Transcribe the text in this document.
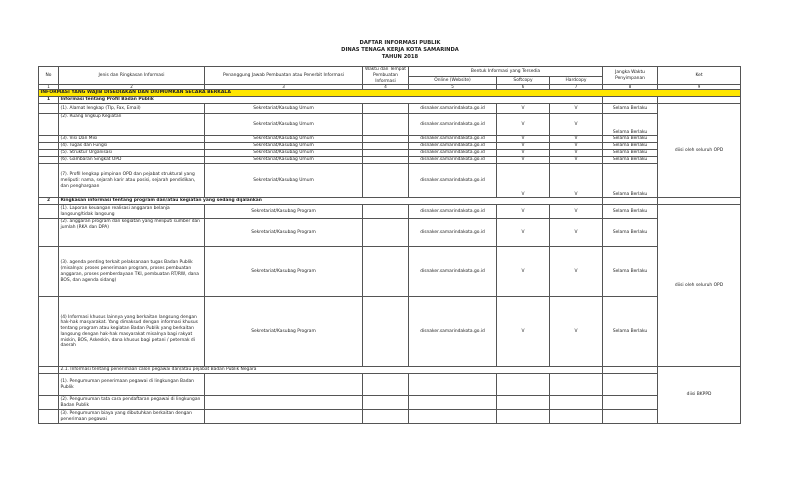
DAFTAR INFORMASI PUBLIK
DINAS TENAGA KERJA KOTA SAMARINDA
TAHUN 2018
No	Jenis dan Ringkasan Informasi	Penanggung Jawab Pembuatan atau Penerbit Informasi	Waktu dan Tempat Pembuatan Informasi	Bentuk Informasi yang Tersedia			Jangka Waktu Penyimpanan	Ket
				Online (Website)	Softcopy	Hardcopy		
1	2	3	4	5	6	7	8	9
INFORMASI YANG WAJIB DISEDIAKAN DAN DIUMUMKAN SECARA BERKALA								
1	Informasi tentang Profil Badan Publik							
	(1). Alamat lengkap (Tlp, Fax, Email)	Sekretariat/Kasubag Umum		disnaker.samarindakota.go.id	V	V	Selama Berlaku	diisi oleh seluruh OPD
	(2). Ruang lingkup Kegiatan	Sekretariat/Kasubag Umum		disnaker.samarindakota.go.id	V	V	Selama Berlaku	
	(3). Visi Dan Misi	Sekretariat/Kasubag Umum		disnaker.samarindakota.go.id	V	V	Selama Berlaku	
	(4). Tugas dan Fungsi	Sekretariat/Kasubag Umum		disnaker.samarindakota.go.id	V	V	Selama Berlaku	
	(5). Struktur Organisasi	Sekretariat/Kasubag Umum		disnaker.samarindakota.go.id	V	V	Selama Berlaku	
	(6). Gambaran Singkat OPD	Sekretariat/Kasubag Umum		disnaker.samarindakota.go.id	V	V	Selama Berlaku	
	(7). Profil lengkap pimpinan OPD dan pejabat struktural yang meliputi: nama, sejarah karir atau posisi, sejarah pendidikan, dan penghargaan	Sekretariat/Kasubag Umum		disnaker.samarindakota.go.id	V	V	Selama Berlaku	
2	Ringkasan informasi tentang program dan/atau kegiatan yang sedang dijalankan							
	(1). Laporan keuangan realisasi anggaran belanja langsung/tidak langsung	Sekretariat/Kasubag Program		disnaker.samarindakota.go.id	V	V	Selama Berlaku	diisi oleh seluruh OPD
	(2). anggaran program dan kegiatan yang meliputi sumber dan jumlah (RKA dan DPA)	Sekretariat/Kasubag Program		disnaker.samarindakota.go.id	V	V	Selama Berlaku	
	(3). agenda penting terkait pelaksanaan tugas Badan Publik (misalnya: proses penerimaan program, proses pembuatan anggaran, proses pemberdayaan TKI, pembuatan RT/RW, dana BOS, dan agenda sidang)	Sekretariat/Kasubag Program		disnaker.samarindakota.go.id	V	V	Selama Berlaku	
	(4) Informasi khusus lainnya yang berkaitan langsung dengan hak-hak masyarakat. Yang dimaksud dengan informasi khusus tentang program atau kegiatan Badan Publik yang berkaitan langsung dengan hak-hak masyarakat misalnya bagi rakyat miskin, BOS, Askeskin, dana khusus bagi petani / peternak di daerah	Sekretariat/Kasubag Program		disnaker.samarindakota.go.id	V	V	Selama Berlaku	
	2.1. Informasi tentang penerimaan calon pegawai dan/atau pejabat Badan Publik Negara							diisi BKPPD
	(1). Pengumuman penerimaan pegawai di lingkungan Badan Publik							
	(2). Pengumuman tata cara pendaftaran pegawai di lingkungan Badan Publik							
	(3). Pengumuman biaya yang dibutuhkan berkaitan dengan penerimaan pegawai							
